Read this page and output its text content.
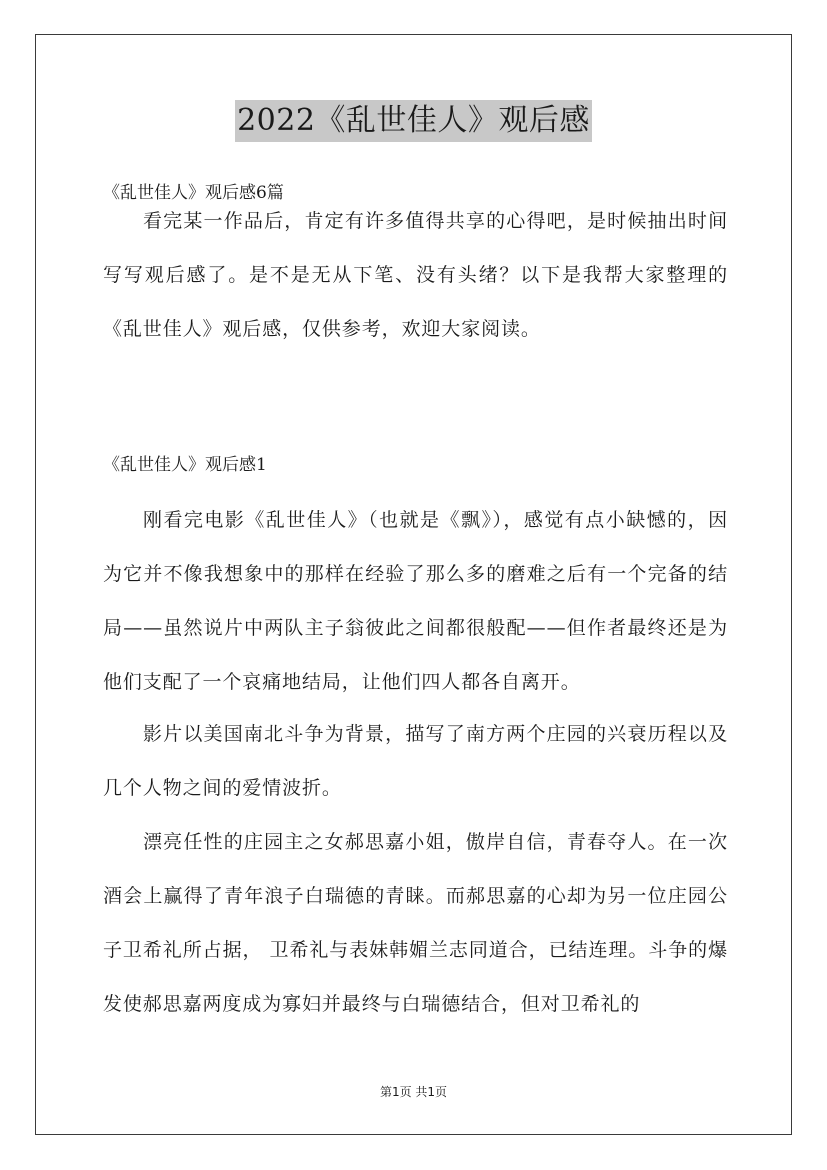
2022《乱世佳人》观后感
《乱世佳人》观后感6篇

看完某一作品后，肯定有许多值得共享的心得吧，是时候抽出时间写写观后感了。是不是无从下笔、没有头绪？以下是我帮大家整理的《乱世佳人》观后感，仅供参考，欢迎大家阅读。

《乱世佳人》观后感1

刚看完电影《乱世佳人》（也就是《飘》），感觉有点小缺憾的，因为它并不像我想象中的那样在经验了那么多的磨难之后有一个完备的结局——虽然说片中两队主子翁彼此之间都很般配——但作者最终还是为他们支配了一个哀痛地结局，让他们四人都各自离开。

影片以美国南北斗争为背景，描写了南方两个庄园的兴衰历程以及几个人物之间的爱情波折。

漂亮任性的庄园主之女郝思嘉小姐，傲岸自信，青春夺人。在一次酒会上赢得了青年浪子白瑞德的青睐。而郝思嘉的心却为另一位庄园公子卫希礼所占据， 卫希礼与表妹韩媚兰志同道合，已结连理。斗争的爆发使郝思嘉两度成为寡妇并最终与白瑞德结合，但对卫希礼的

第1页 共1页
